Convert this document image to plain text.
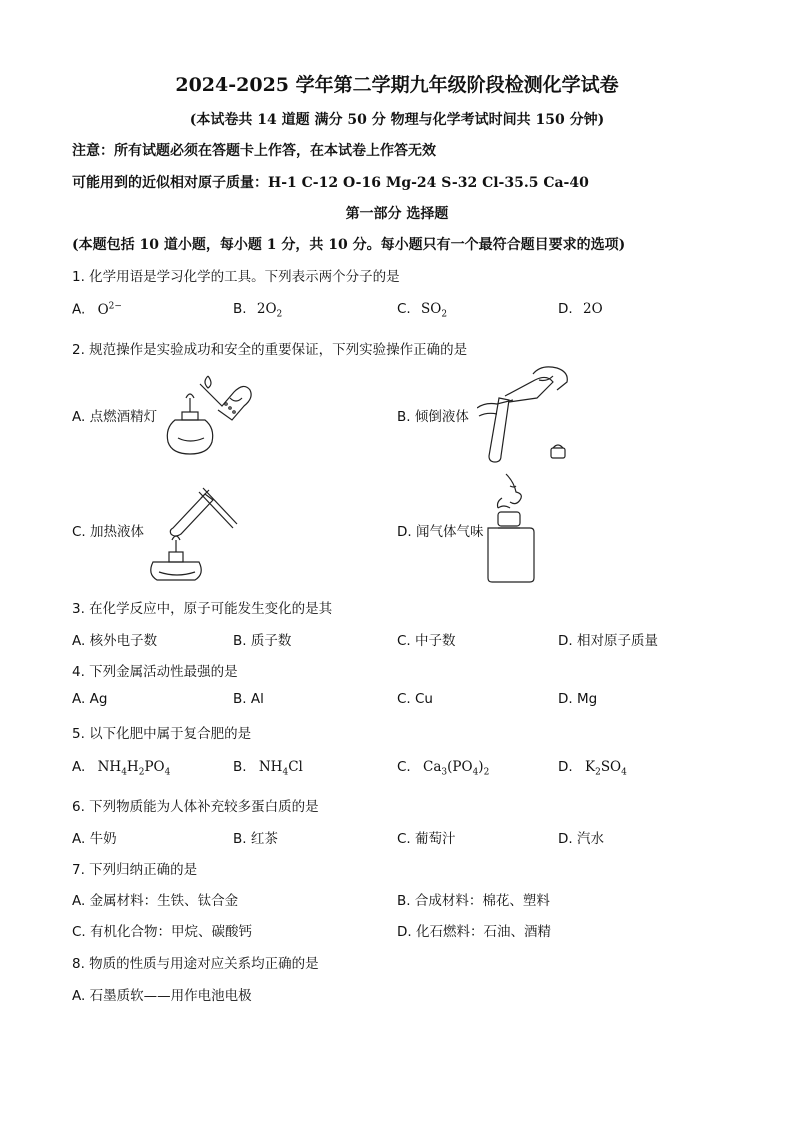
2024-2025 学年第二学期九年级阶段检测化学试卷
(本试卷共 14 道题 满分 50 分 物理与化学考试时间共 150 分钟)
注意：所有试题必须在答题卡上作答，在本试卷上作答无效
可能用到的近似相对原子质量：H-1 C-12 O-16 Mg-24 S-32 Cl-35.5 Ca-40
第一部分 选择题
(本题包括 10 道小题，每小题 1 分，共 10 分。每小题只有一个最符合题目要求的选项)
1. 化学用语是学习化学的工具。下列表示两个分子的是
A. $O^{2-}$	B. $2O_2$	C. $SO_2$	D. 2O
2. 规范操作是实验成功和安全的重要保证，下列实验操作正确的是
A. 点燃酒精灯	B. 倾倒液体
C. 加热液体	D. 闻气体气味
3. 在化学反应中，原子可能发生变化的是其
A. 核外电子数	B. 质子数	C. 中子数	D. 相对原子质量
4. 下列金属活动性最强的是
A. Ag	B. Al	C. Cu	D. Mg
5. 以下化肥中属于复合肥的是
A. $NH_4H_2PO_4$	B. $NH_4Cl$	C. $Ca_3(PO_4)_2$	D. $K_2SO_4$
6. 下列物质能为人体补充较多蛋白质的是
A. 牛奶	B. 红茶	C. 葡萄汁	D. 汽水
7. 下列归纳正确的是
A. 金属材料：生铁、钛合金	B. 合成材料：棉花、塑料
C. 有机化合物：甲烷、碳酸钙	D. 化石燃料：石油、酒精
8. 物质的性质与用途对应关系均正确的是
A. 石墨质软——用作电池电极
